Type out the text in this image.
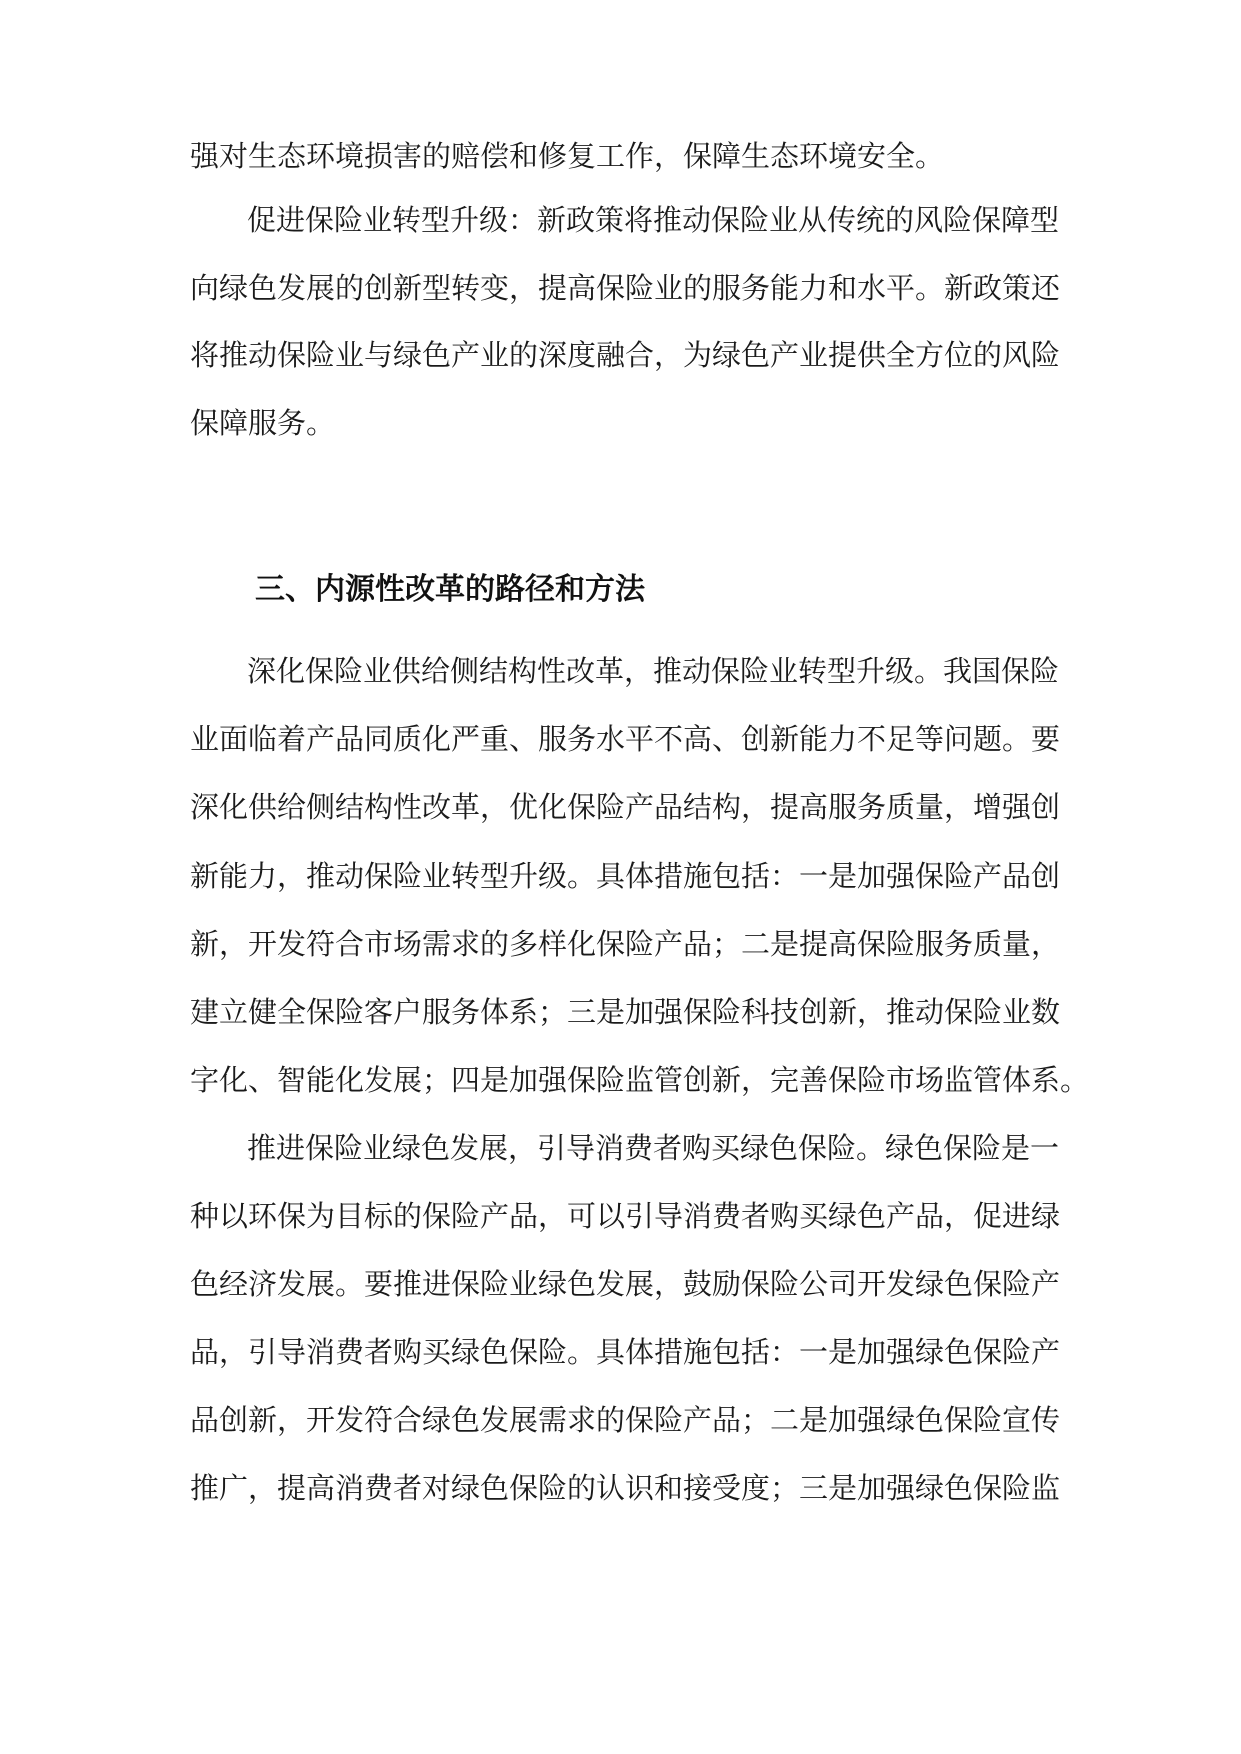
强对生态环境损害的赔偿和修复工作，保障生态环境安全。
促进保险业转型升级：新政策将推动保险业从传统的风险保障型
向绿色发展的创新型转变，提高保险业的服务能力和水平。新政策还
将推动保险业与绿色产业的深度融合，为绿色产业提供全方位的风险
保障服务。
三、内源性改革的路径和方法
深化保险业供给侧结构性改革，推动保险业转型升级。我国保险
业面临着产品同质化严重、服务水平不高、创新能力不足等问题。要
深化供给侧结构性改革，优化保险产品结构，提高服务质量，增强创
新能力，推动保险业转型升级。具体措施包括：一是加强保险产品创
新，开发符合市场需求的多样化保险产品；二是提高保险服务质量，
建立健全保险客户服务体系；三是加强保险科技创新，推动保险业数
字化、智能化发展；四是加强保险监管创新，完善保险市场监管体系。
推进保险业绿色发展，引导消费者购买绿色保险。绿色保险是一
种以环保为目标的保险产品，可以引导消费者购买绿色产品，促进绿
色经济发展。要推进保险业绿色发展，鼓励保险公司开发绿色保险产
品，引导消费者购买绿色保险。具体措施包括：一是加强绿色保险产
品创新，开发符合绿色发展需求的保险产品；二是加强绿色保险宣传
推广，提高消费者对绿色保险的认识和接受度；三是加强绿色保险监
